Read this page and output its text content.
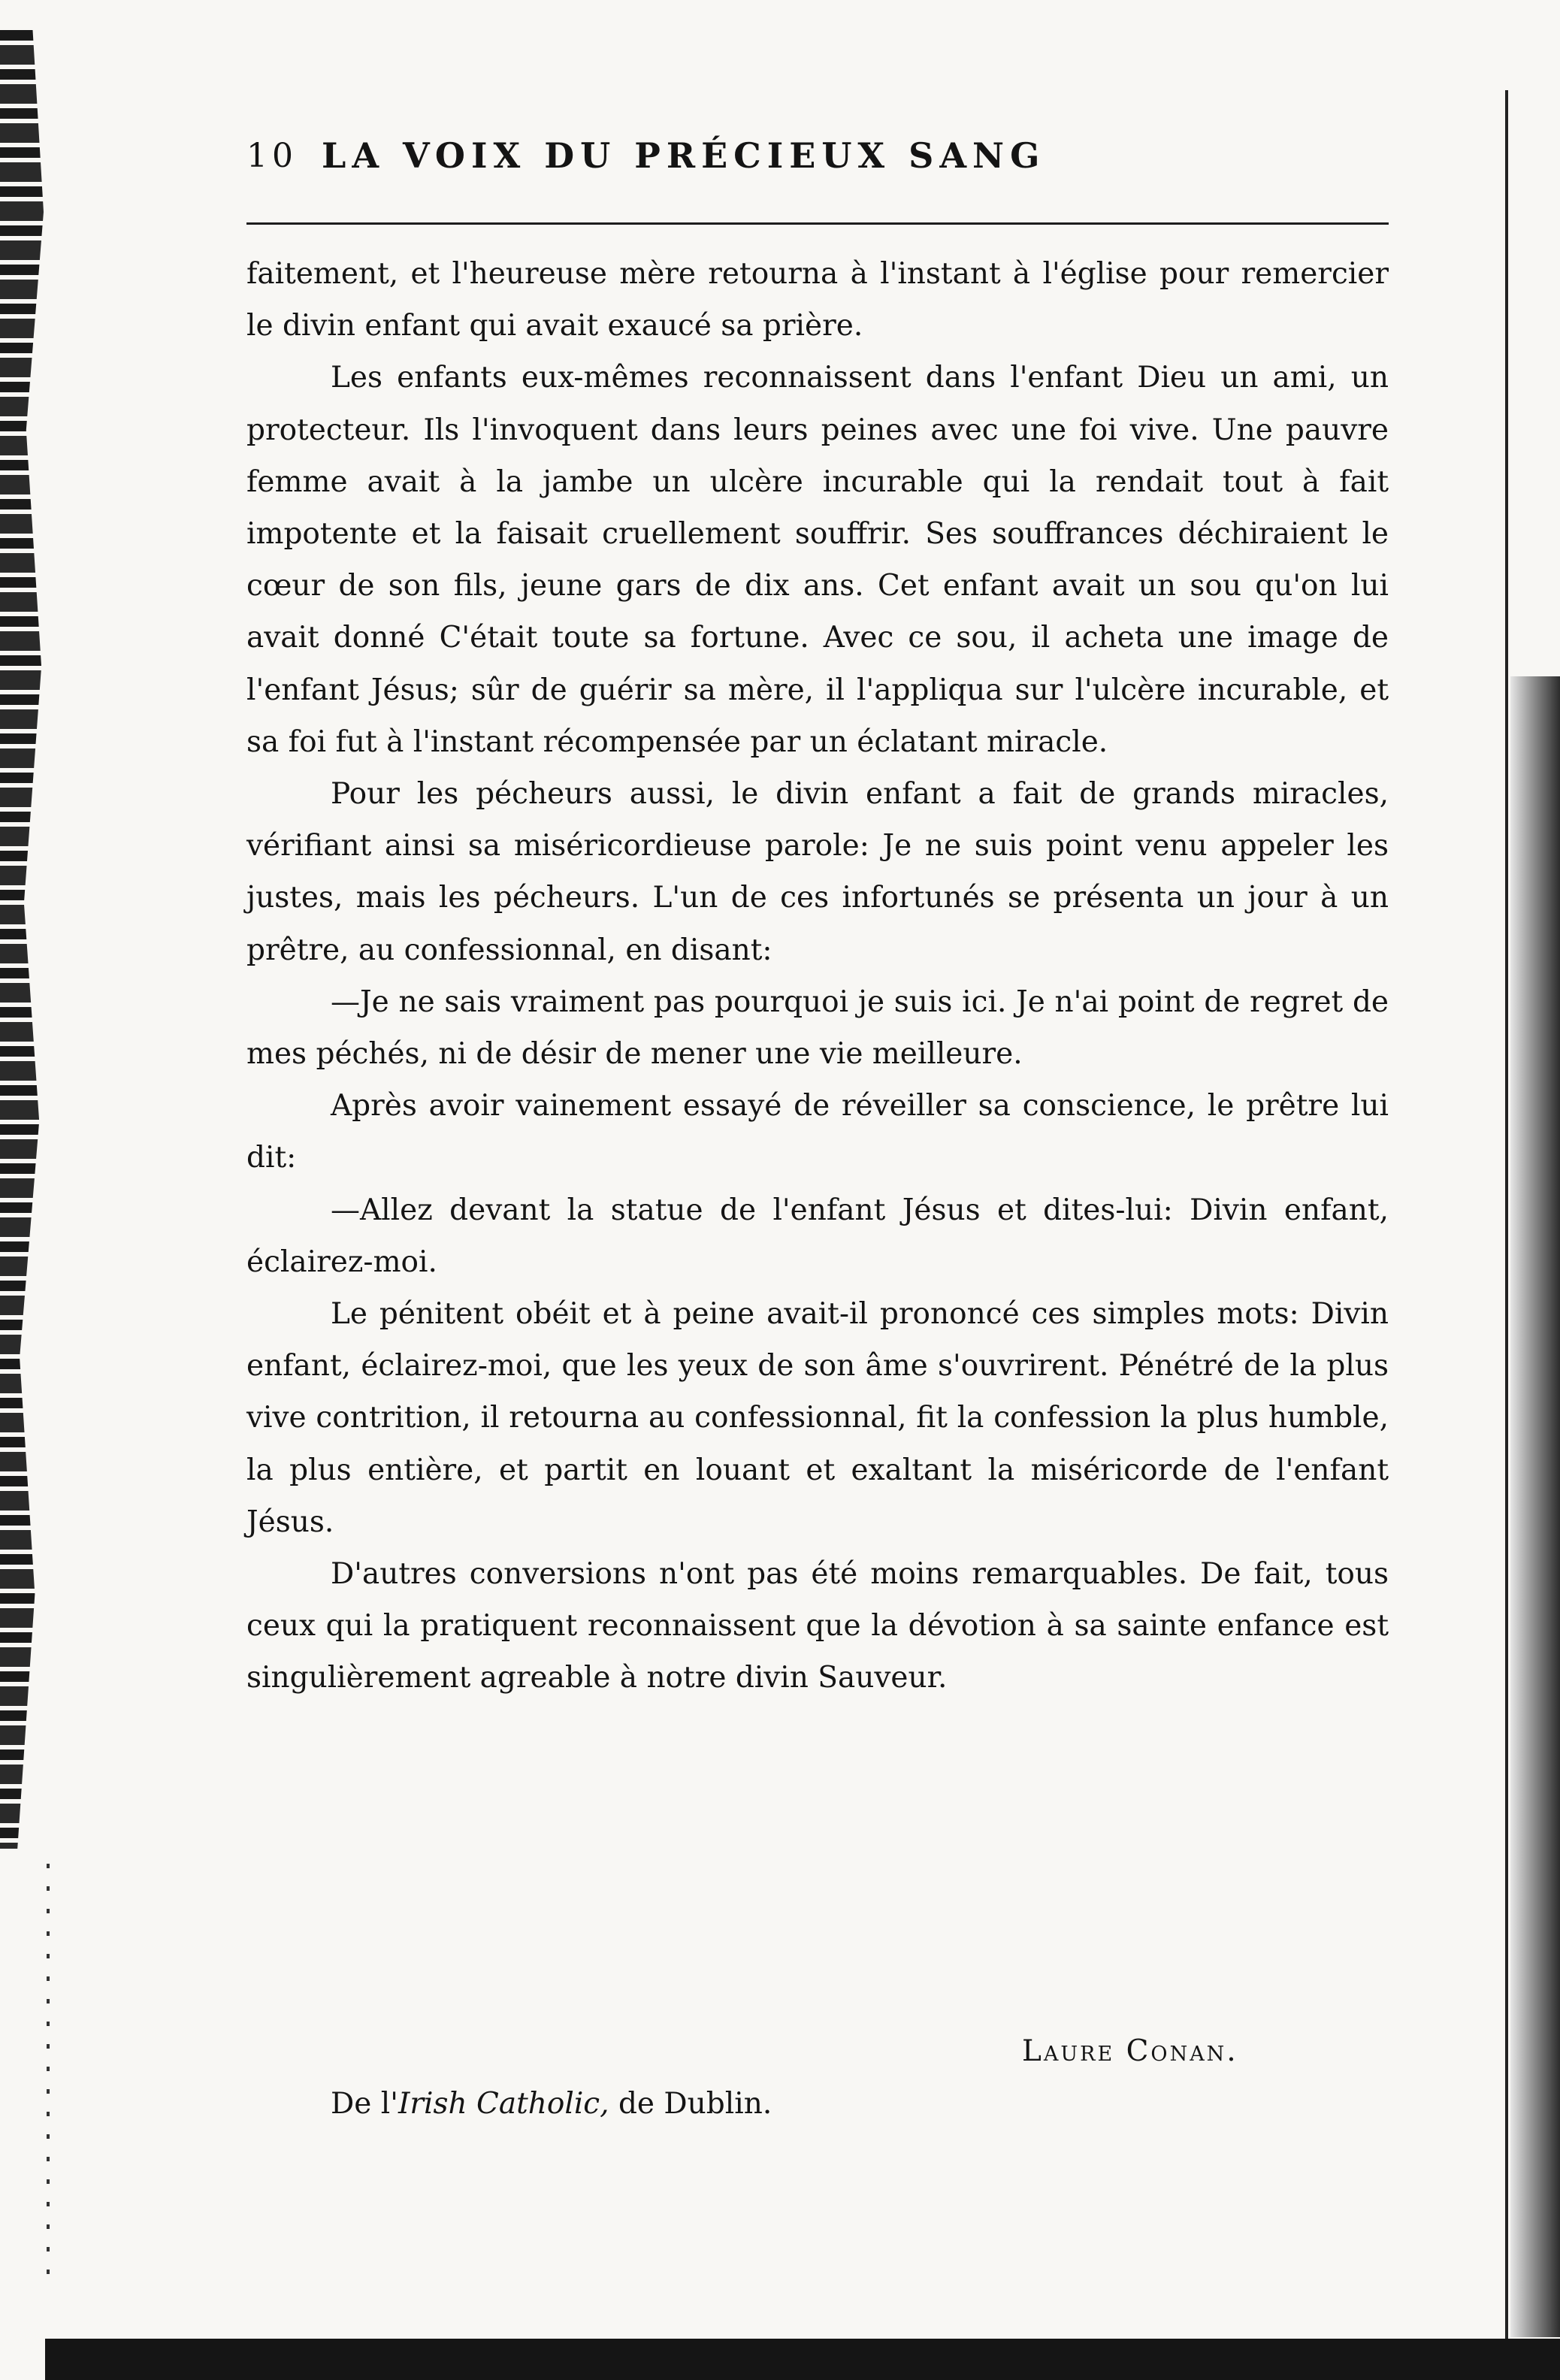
10 LA VOIX DU PRÉCIEUX SANG

faitement, et l'heureuse mère retourna à l'instant à l'église pour remercier le divin enfant qui avait exaucé sa prière.

Les enfants eux-mêmes reconnaissent dans l'enfant Dieu un ami, un protecteur. Ils l'invoquent dans leurs peines avec une foi vive. Une pauvre femme avait à la jambe un ulcère incurable qui la rendait tout à fait impotente et la faisait cruellement souffrir. Ses souffrances déchiraient le cœur de son fils, jeune gars de dix ans. Cet enfant avait un sou qu'on lui avait donné C'était toute sa fortune. Avec ce sou, il acheta une image de l'enfant Jésus; sûr de guérir sa mère, il l'appliqua sur l'ulcère incurable, et sa foi fut à l'instant récompensée par un éclatant miracle.

Pour les pécheurs aussi, le divin enfant a fait de grands miracles, vérifiant ainsi sa miséricordieuse parole: Je ne suis point venu appeler les justes, mais les pécheurs. L'un de ces infortunés se présenta un jour à un prêtre, au confessionnal, en disant:

—Je ne sais vraiment pas pourquoi je suis ici. Je n'ai point de regret de mes péchés, ni de désir de mener une vie meilleure.

Après avoir vainement essayé de réveiller sa conscience, le prêtre lui dit:

—Allez devant la statue de l'enfant Jésus et dites-lui: Divin enfant, éclairez-moi.

Le pénitent obéit et à peine avait-il prononcé ces simples mots: Divin enfant, éclairez-moi, que les yeux de son âme s'ouvrirent. Pénétré de la plus vive contrition, il retourna au confessionnal, fit la confession la plus humble, la plus entière, et partit en louant et exaltant la miséricorde de l'enfant Jésus.

D'autres conversions n'ont pas été moins remarquables. De fait, tous ceux qui la pratiquent reconnaissent que la dévotion à sa sainte enfance est singulièrement agreable à notre divin Sauveur.

Laure Conan.
De l'Irish Catholic, de Dublin.
